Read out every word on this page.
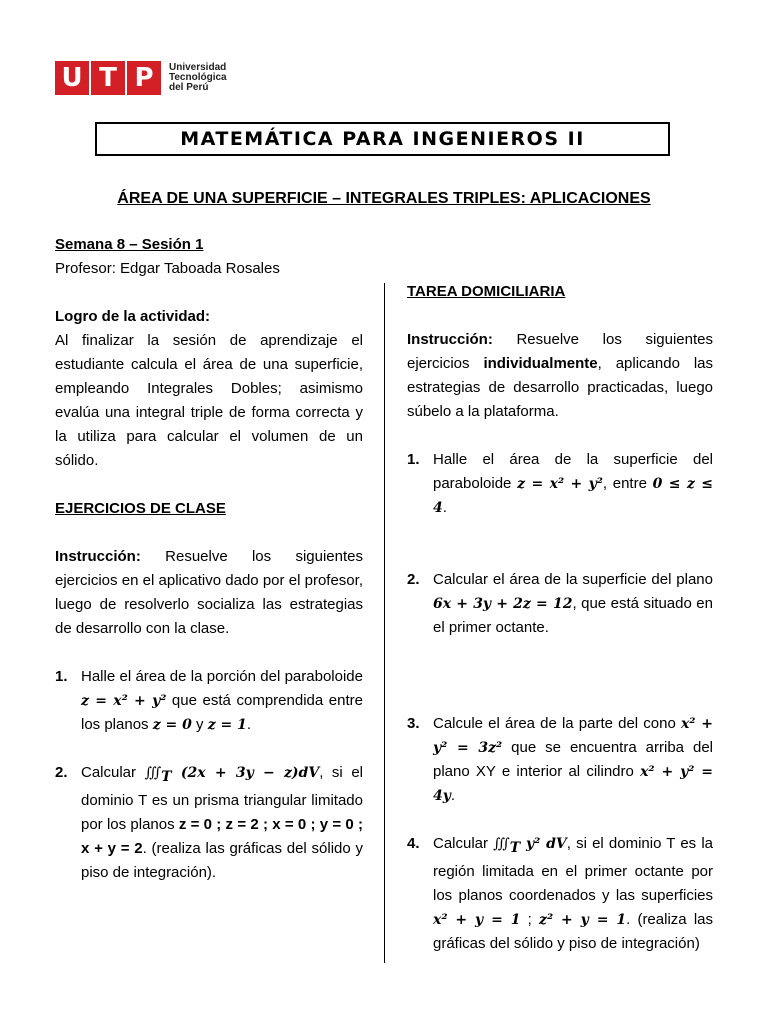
U T P	Universidad
Tecnológica
del Perú
MATEMÁTICA PARA INGENIEROS II
ÁREA DE UNA SUPERFICIE – INTEGRALES TRIPLES: APLICACIONES

Semana 8 – Sesión 1

Profesor: Edgar Taboada Rosales

Logro de la actividad:

Al finalizar la sesión de aprendizaje el estudiante calcula el área de una superficie, empleando Integrales Dobles; asimismo evalúa una integral triple de forma correcta y la utiliza para calcular el volumen de un sólido.

EJERCICIOS DE CLASE

Instrucción: Resuelve los siguientes ejercicios en el aplicativo dado por el profesor, luego de resolverlo socializa las estrategias de desarrollo con la clase.

1. Halle el área de la porción del paraboloide z = x² + y² que está comprendida entre los planos z = 0 y z = 1.
2. Calcular $∭_T$ (2x + 3y − z)dV, si el dominio T es un prisma triangular limitado por los planos z = 0 ; z = 2 ; x = 0 ; y = 0 ; x + y = 2. (realiza las gráficas del sólido y piso de integración).

TAREA DOMICILIARIA

Instrucción: Resuelve los siguientes ejercicios individualmente, aplicando las estrategias de desarrollo practicadas, luego súbelo a la plataforma.

1. Halle el área de la superficie del paraboloide z = x² + y², entre 0 ≤ z ≤ 4.
2. Calcular el área de la superficie del plano 6x + 3y + 2z = 12, que está situado en el primer octante.
3. Calcule el área de la parte del cono x² + y² = 3z² que se encuentra arriba del plano XY e interior al cilindro x² + y² = 4y.
4. Calcular $∭_T$ y² dV, si el dominio T es la región limitada en el primer octante por los planos coordenados y las superficies x² + y = 1 ; z² + y = 1. (realiza las gráficas del sólido y piso de integración)
